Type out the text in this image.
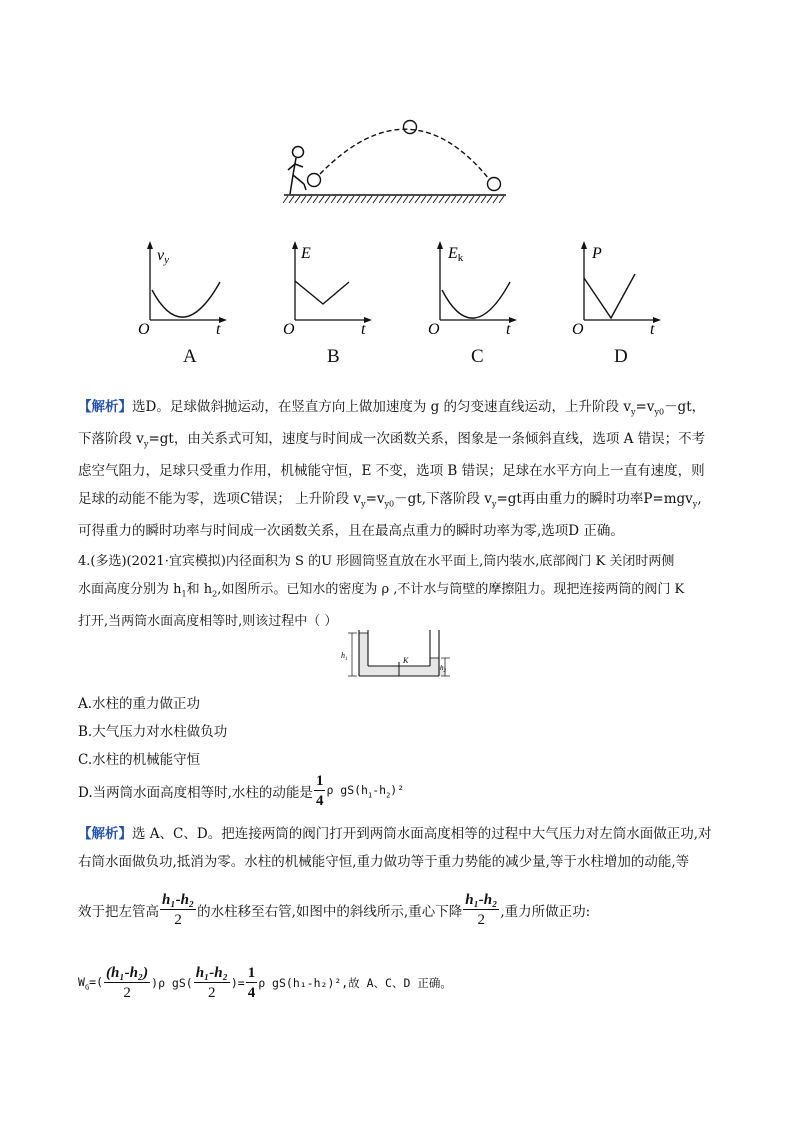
vy
O	t
A
E
O	t
B
Ek
O	t
C
P
O	t
D

【解析】选D。足球做斜抛运动，在竖直方向上做加速度为 g 的匀变速直线运动，上升阶段 $v_y=v_{y0}-gt$，

下落阶段 $v_y=gt$，由关系式可知，速度与时间成一次函数关系，图象是一条倾斜直线，选项 A 错误；不考

虑空气阻力，足球只受重力作用，机械能守恒，E 不变，选项 B 错误；足球在水平方向上一直有速度，则

足球的动能不能为零，选项C错误； 上升阶段 $v_y=v_{y0}-gt$,下落阶段 $v_y=gt$再由重力的瞬时功率P=mgv$_y$,

可得重力的瞬时功率与时间成一次函数关系，且在最高点重力的瞬时功率为零,选项D 正确。

4.(多选)(2021·宜宾模拟)内径面积为 S 的U 形圆筒竖直放在水平面上,筒内装水,底部阀门 K 关闭时两侧

水面高度分别为 $h_1$和 $h_2$,如图所示。已知水的密度为 ρ ,不计水与筒壁的摩擦阻力。现把连接两筒的阀门 K

打开,当两筒水面高度相等时,则该过程中（ ）

K
$h_1$
$h_2$
A.水柱的重力做正功
B.大气压力对水柱做负功
C.水柱的机械能守恒
D.当两筒水面高度相等时,水柱的动能是 $\frac{1}{4}$ ρ $gS(h_1-h_2)^2$

【解析】选 A、C、D。把连接两筒的阀门打开到两筒水面高度相等的过程中大气压力对左筒水面做正功,对

右筒水面做负功,抵消为零。水柱的机械能守恒,重力做功等于重力势能的减少量,等于水柱增加的动能,等

效于把左管高 $\frac{\text{h₁-h₂}}{2}$ 的水柱移至右管,如图中的斜线所示,重心下降 $\frac{\text{h₁-h₂}}{2}$ ,重力所做正功:
$W_G=( \frac{\text{(h₁-h₂)}}{2} )\rho$ $gS( \frac{\text{h₁-h₂}}{2}$ )= $\frac{1}{4}$ ρ gS(h₁-h₂)²,故 A、C、D 正确。
